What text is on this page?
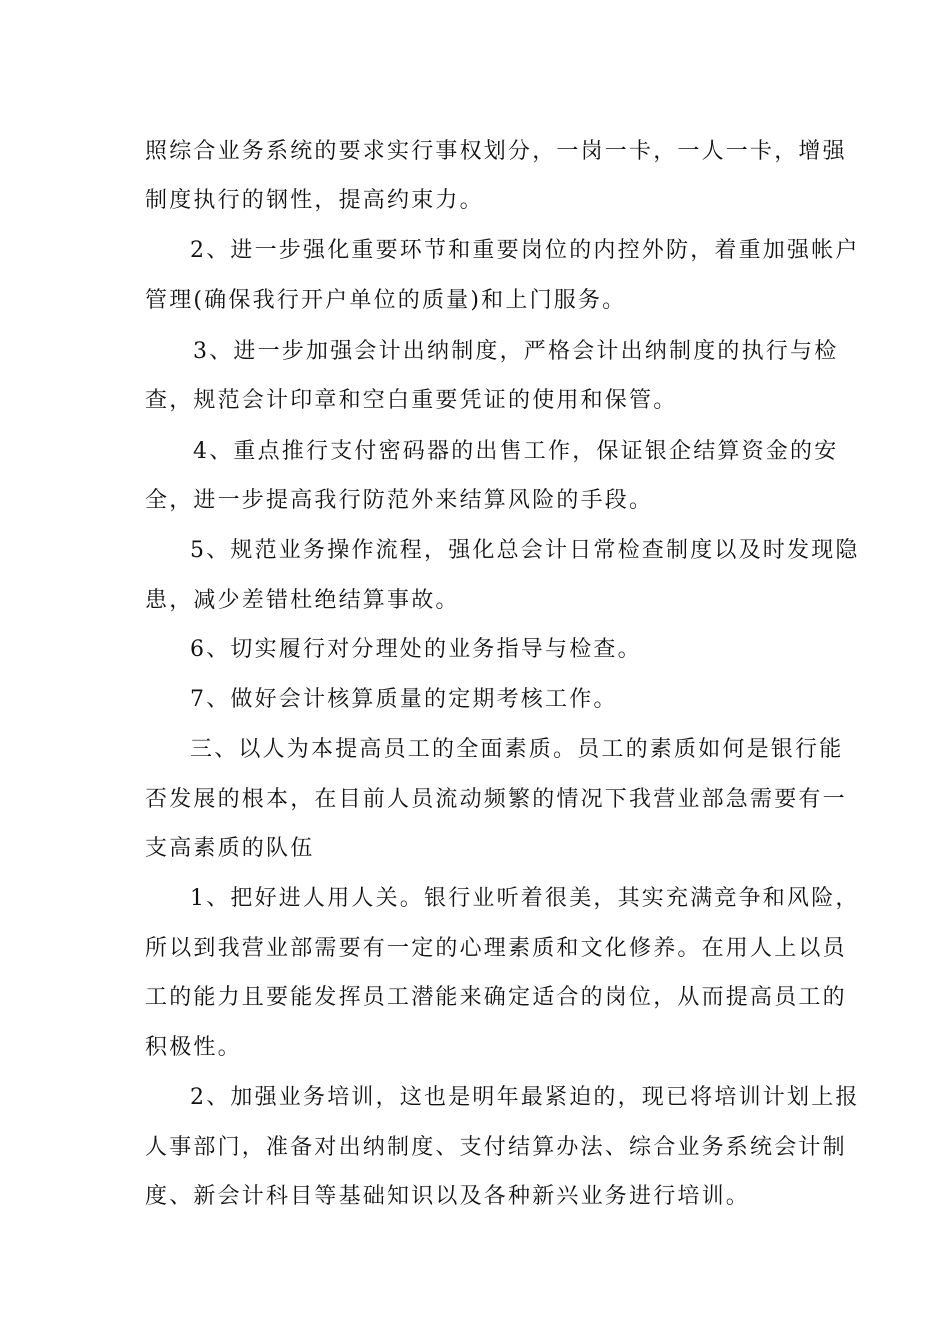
照综合业务系统的要求实行事权划分，一岗一卡，一人一卡，增强
制度执行的钢性，提高约束力。
2、进一步强化重要环节和重要岗位的内控外防，着重加强帐户
管理(确保我行开户单位的质量)和上门服务。
3、进一步加强会计出纳制度，严格会计出纳制度的执行与检
查，规范会计印章和空白重要凭证的使用和保管。
4、重点推行支付密码器的出售工作，保证银企结算资金的安
全，进一步提高我行防范外来结算风险的手段。
5、规范业务操作流程，强化总会计日常检查制度以及时发现隐
患，减少差错杜绝结算事故。
6、切实履行对分理处的业务指导与检查。
7、做好会计核算质量的定期考核工作。
三、以人为本提高员工的全面素质。员工的素质如何是银行能
否发展的根本，在目前人员流动频繁的情况下我营业部急需要有一
支高素质的队伍
1、把好进人用人关。银行业听着很美，其实充满竞争和风险，
所以到我营业部需要有一定的心理素质和文化修养。在用人上以员
工的能力且要能发挥员工潜能来确定适合的岗位，从而提高员工的
积极性。
2、加强业务培训，这也是明年最紧迫的，现已将培训计划上报
人事部门，准备对出纳制度、支付结算办法、综合业务系统会计制
度、新会计科目等基础知识以及各种新兴业务进行培训。
